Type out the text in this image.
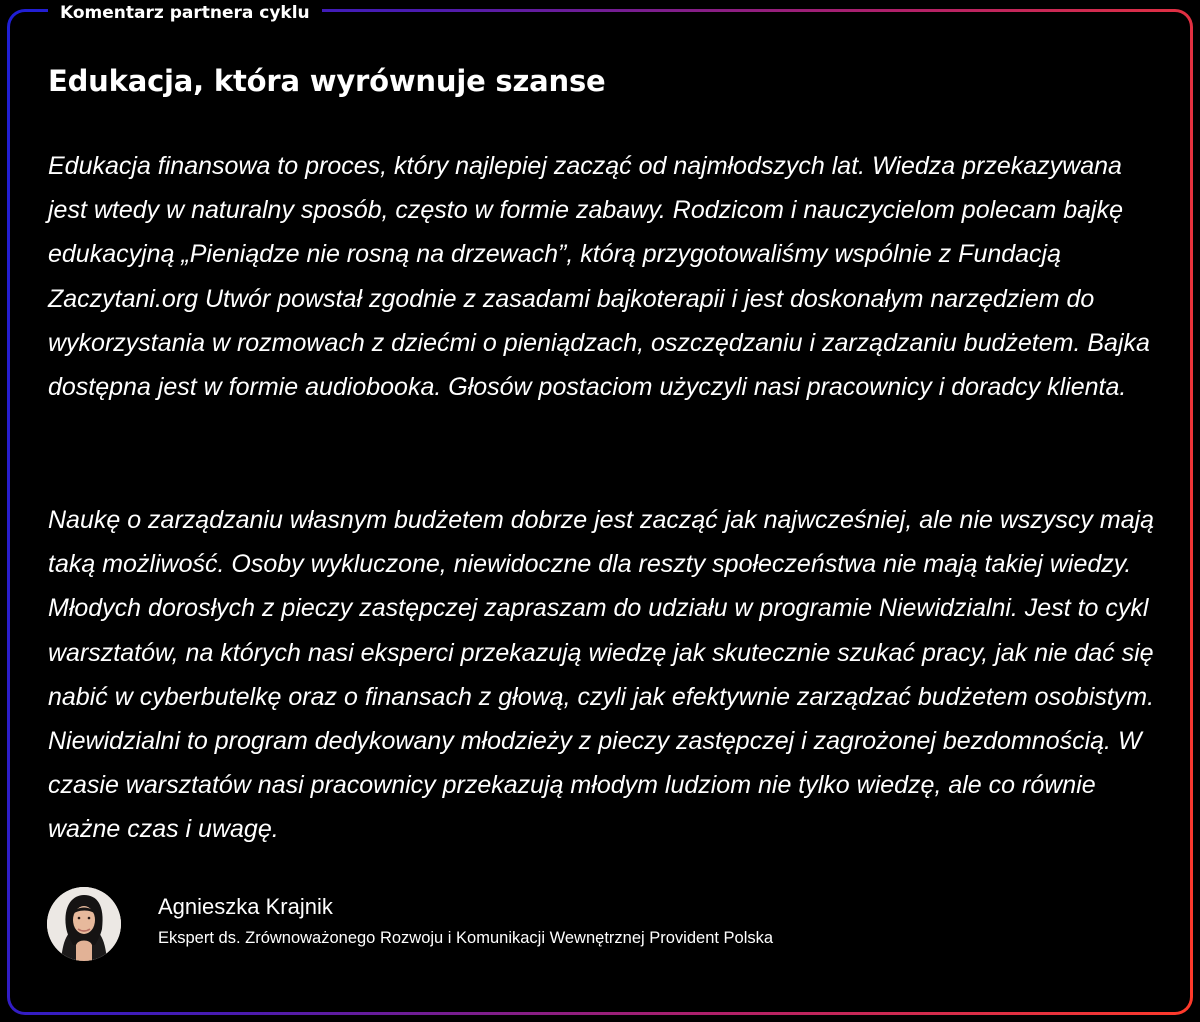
Komentarz partnera cyklu
Edukacja, która wyrównuje szanse

Edukacja finansowa to proces, który najlepiej zacząć od najmłodszych lat. Wiedza przekazywana jest wtedy w naturalny sposób, często w formie zabawy. Rodzicom i nauczycielom polecam bajkę edukacyjną „Pieniądze nie rosną na drzewach”, którą przygotowaliśmy wspólnie z Fundacją Zaczytani.org Utwór powstał zgodnie z zasadami bajkoterapii i jest doskonałym narzędziem do wykorzystania w rozmowach z dziećmi o pieniądzach, oszczędzaniu i zarządzaniu budżetem. Bajka dostępna jest w formie audiobooka. Głosów postaciom użyczyli nasi pracownicy i doradcy klienta.

Naukę o zarządzaniu własnym budżetem dobrze jest zacząć jak najwcześniej, ale nie wszyscy mają taką możliwość. Osoby wykluczone, niewidoczne dla reszty społeczeństwa nie mają takiej wiedzy. Młodych dorosłych z pieczy zastępczej zapraszam do udziału w programie Niewidzialni. Jest to cykl warsztatów, na których nasi eksperci przekazują wiedzę jak skutecznie szukać pracy, jak nie dać się nabić w cyberbutelkę oraz o finansach z głową, czyli jak efektywnie zarządzać budżetem osobistym. Niewidzialni to program dedykowany młodzieży z pieczy zastępczej i zagrożonej bezdomnością. W czasie warsztatów nasi pracownicy przekazują młodym ludziom nie tylko wiedzę, ale co równie ważne czas i uwagę.

Agnieszka Krajnik
Ekspert ds. Zrównoważonego Rozwoju i Komunikacji Wewnętrznej Provident Polska
